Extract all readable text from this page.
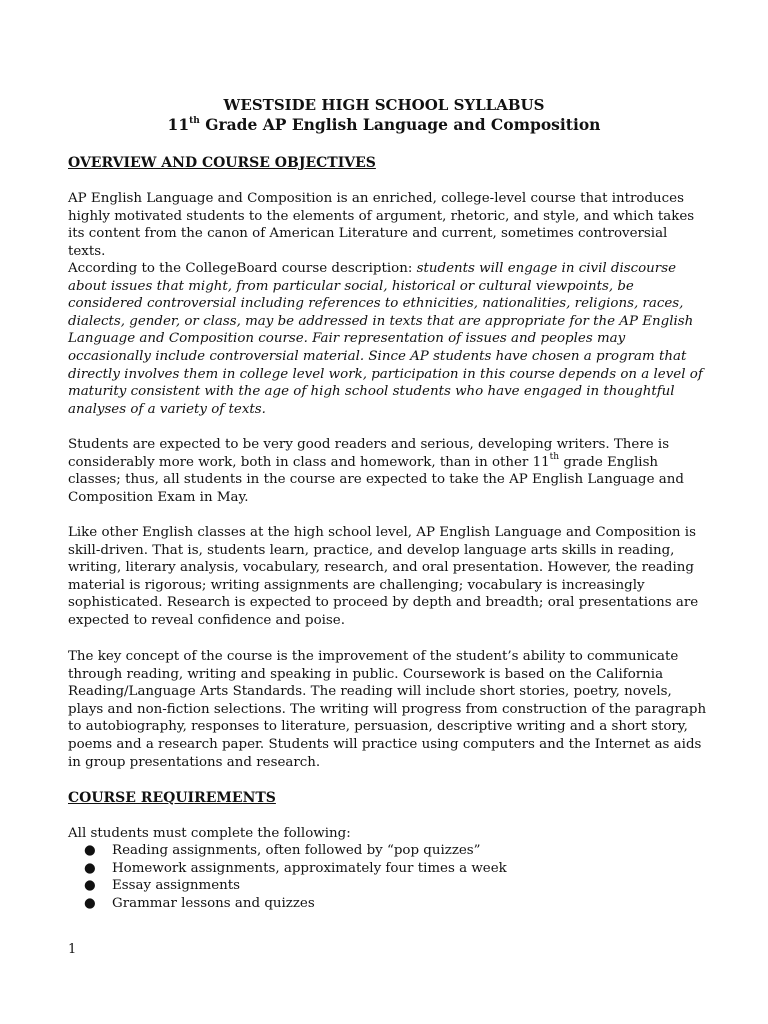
WESTSIDE HIGH SCHOOL SYLLABUS
11th Grade AP English Language and Composition
OVERVIEW AND COURSE OBJECTIVES

AP English Language and Composition is an enriched, college-level course that introduces highly motivated students to the elements of argument, rhetoric, and style, and which takes its content from the canon of American Literature and current, sometimes controversial texts.

According to the CollegeBoard course description: students will engage in civil discourse about issues that might, from particular social, historical or cultural viewpoints, be considered controversial including references to ethnicities, nationalities, religions, races, dialects, gender, or class, may be addressed in texts that are appropriate for the AP English Language and Composition course. Fair representation of issues and peoples may occasionally include controversial material. Since AP students have chosen a program that directly involves them in college level work, participation in this course depends on a level of maturity consistent with the age of high school students who have engaged in thoughtful analyses of a variety of texts.

Students are expected to be very good readers and serious, developing writers. There is considerably more work, both in class and homework, than in other 11th grade English classes; thus, all students in the course are expected to take the AP English Language and Composition Exam in May.

Like other English classes at the high school level, AP English Language and Composition is skill-driven. That is, students learn, practice, and develop language arts skills in reading, writing, literary analysis, vocabulary, research, and oral presentation. However, the reading material is rigorous; writing assignments are challenging; vocabulary is increasingly sophisticated. Research is expected to proceed by depth and breadth; oral presentations are expected to reveal confidence and poise.

The key concept of the course is the improvement of the student’s ability to communicate through reading, writing and speaking in public. Coursework is based on the California Reading/Language Arts Standards. The reading will include short stories, poetry, novels, plays and non-fiction selections. The writing will progress from construction of the paragraph to autobiography, responses to literature, persuasion, descriptive writing and a short story, poems and a research paper. Students will practice using computers and the Internet as aids in group presentations and research.

COURSE REQUIREMENTS

All students must complete the following:

● Reading assignments, often followed by “pop quizzes”
● Homework assignments, approximately four times a week
● Essay assignments
● Grammar lessons and quizzes

1
